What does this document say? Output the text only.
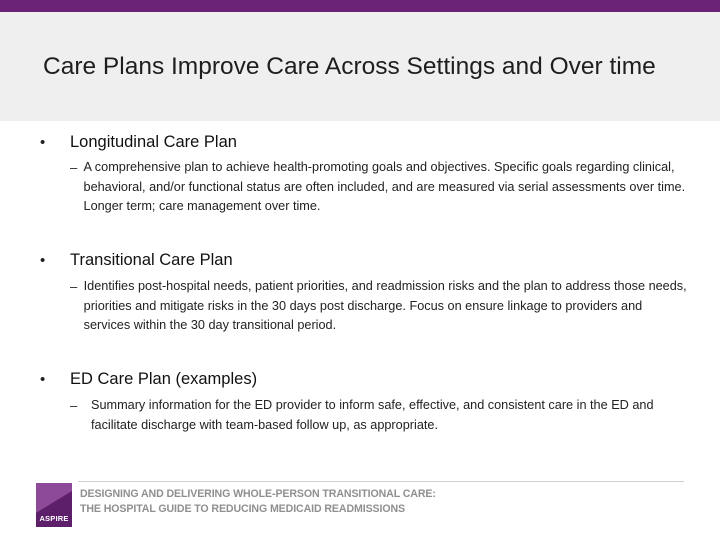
Care Plans Improve Care Across Settings and Over time
•	Longitudinal Care Plan
– A comprehensive plan to achieve health-promoting goals and objectives. Specific goals regarding clinical, behavioral, and/or functional status are often included, and are measured via serial assessments over time. Longer term; care management over time.
•	Transitional Care Plan
– Identifies post-hospital needs, patient priorities, and readmission risks and the plan to address those needs, priorities and mitigate risks in the 30 days post discharge. Focus on ensure linkage to providers and services within the 30 day transitional period.
•	ED Care Plan (examples)
–	Summary information for the ED provider to inform safe, effective, and consistent care in the ED and facilitate discharge with team-based follow up, as appropriate.
ASPIRE
DESIGNING AND DELIVERING WHOLE-PERSON TRANSITIONAL CARE:
THE HOSPITAL GUIDE TO REDUCING MEDICAID READMISSIONS
